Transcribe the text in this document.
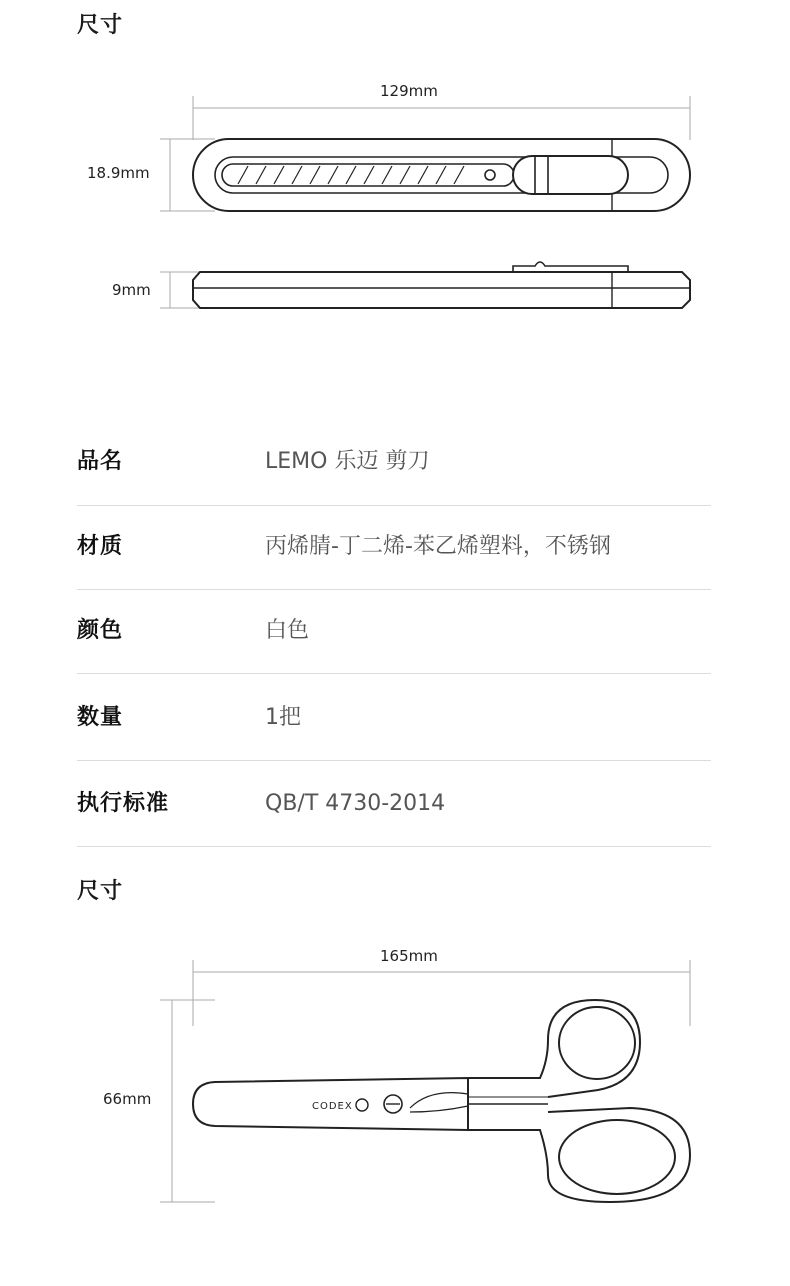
尺寸
129mm
18.9mm
9mm
品名	LEMO 乐迈 剪刀
材质	丙烯腈-丁二烯-苯乙烯塑料，不锈钢
颜色	白色
数量	1把
执行标准	QB/T 4730-2014
尺寸
165mm
66mm	CODEX
